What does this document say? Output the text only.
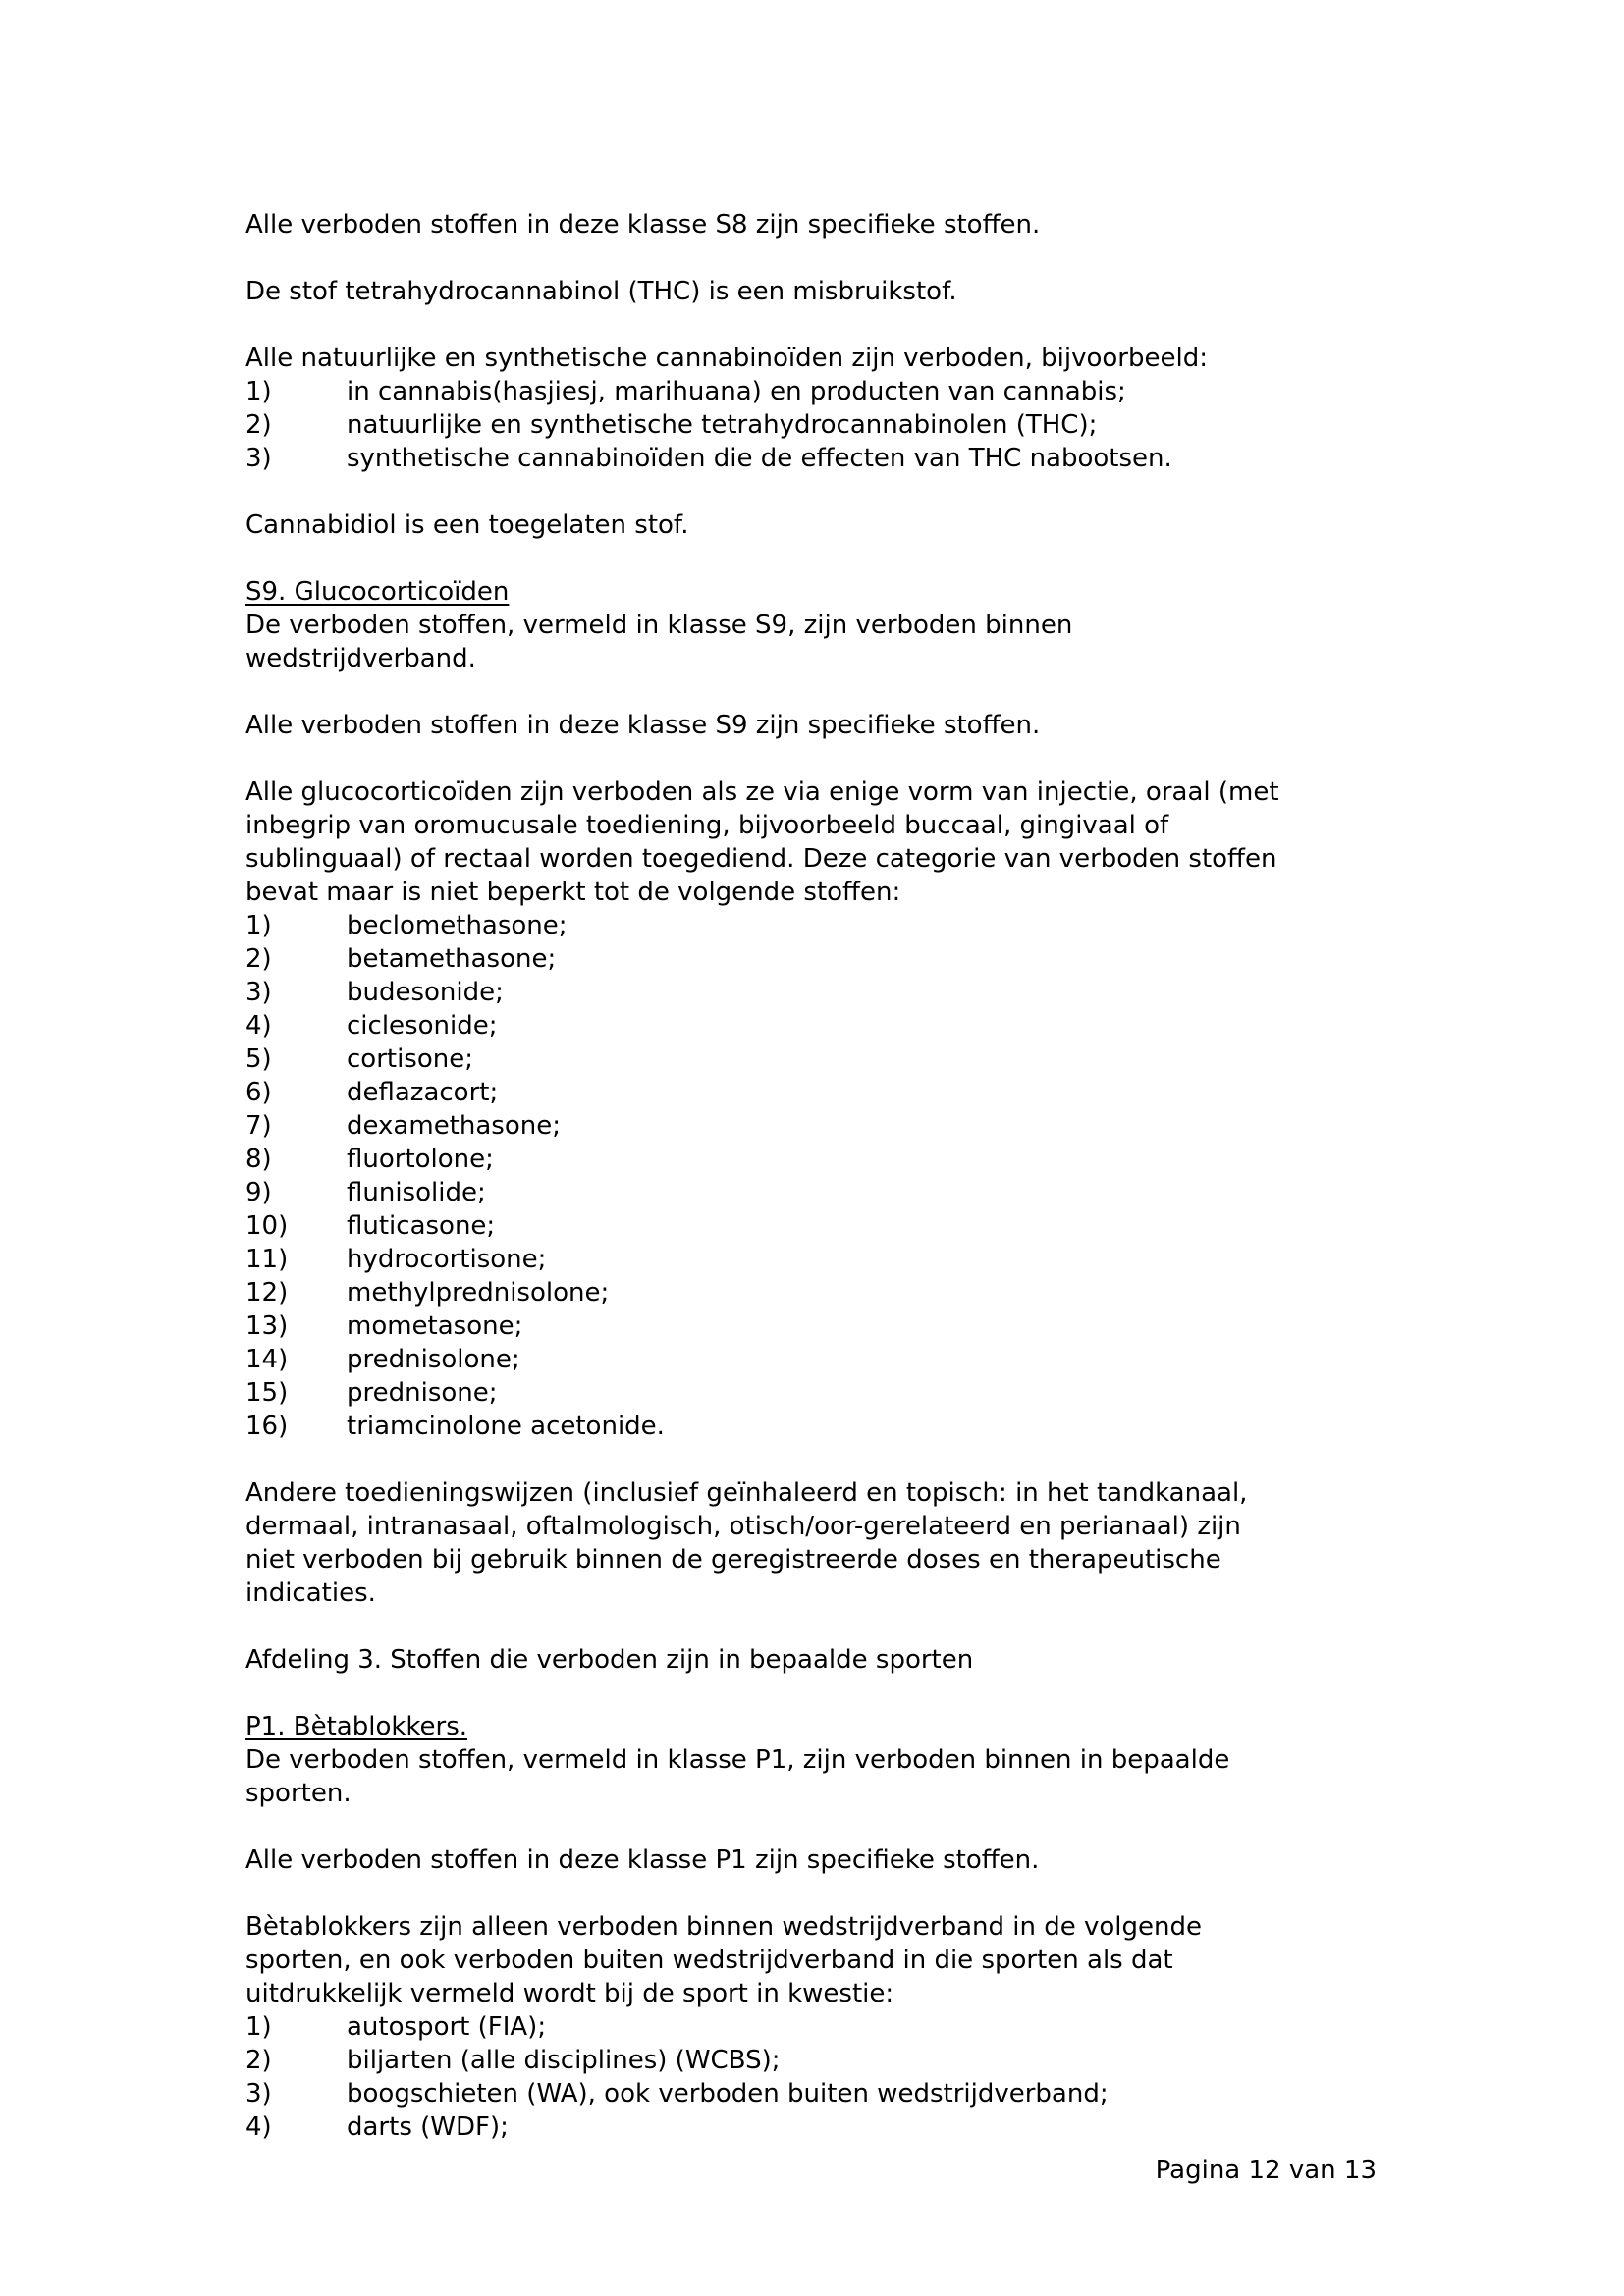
Alle verboden stoffen in deze klasse S8 zijn specifieke stoffen.
De stof tetrahydrocannabinol (THC) is een misbruikstof.
Alle natuurlijke en synthetische cannabinoïden zijn verboden, bijvoorbeeld:
1)	in cannabis(hasjiesj, marihuana) en producten van cannabis;
2)	natuurlijke en synthetische tetrahydrocannabinolen (THC);
3)	synthetische cannabinoïden die de effecten van THC nabootsen.
Cannabidiol is een toegelaten stof.
S9. Glucocorticoïden
De verboden stoffen, vermeld in klasse S9, zijn verboden binnen
wedstrijdverband.
Alle verboden stoffen in deze klasse S9 zijn specifieke stoffen.
Alle glucocorticoïden zijn verboden als ze via enige vorm van injectie, oraal (met
inbegrip van oromucusale toediening, bijvoorbeeld buccaal, gingivaal of
sublinguaal) of rectaal worden toegediend. Deze categorie van verboden stoffen
bevat maar is niet beperkt tot de volgende stoffen:
1)	beclomethasone;
2)	betamethasone;
3)	budesonide;
4)	ciclesonide;
5)	cortisone;
6)	deflazacort;
7)	dexamethasone;
8)	fluortolone;
9)	flunisolide;
10) fluticasone;
11) hydrocortisone;
12) methylprednisolone;
13) mometasone;
14) prednisolone;
15) prednisone;
16) triamcinolone acetonide.
Andere toedieningswijzen (inclusief geïnhaleerd en topisch: in het tandkanaal,
dermaal, intranasaal, oftalmologisch, otisch/oor-gerelateerd en perianaal) zijn
niet verboden bij gebruik binnen de geregistreerde doses en therapeutische
indicaties.
Afdeling 3. Stoffen die verboden zijn in bepaalde sporten
P1. Bètablokkers.
De verboden stoffen, vermeld in klasse P1, zijn verboden binnen in bepaalde
sporten.
Alle verboden stoffen in deze klasse P1 zijn specifieke stoffen.
Bètablokkers zijn alleen verboden binnen wedstrijdverband in de volgende
sporten, en ook verboden buiten wedstrijdverband in die sporten als dat
uitdrukkelijk vermeld wordt bij de sport in kwestie:
1)	autosport (FIA);
2)	biljarten (alle disciplines) (WCBS);
3)	boogschieten (WA), ook verboden buiten wedstrijdverband;
4)	darts (WDF);
Pagina 12 van 13
